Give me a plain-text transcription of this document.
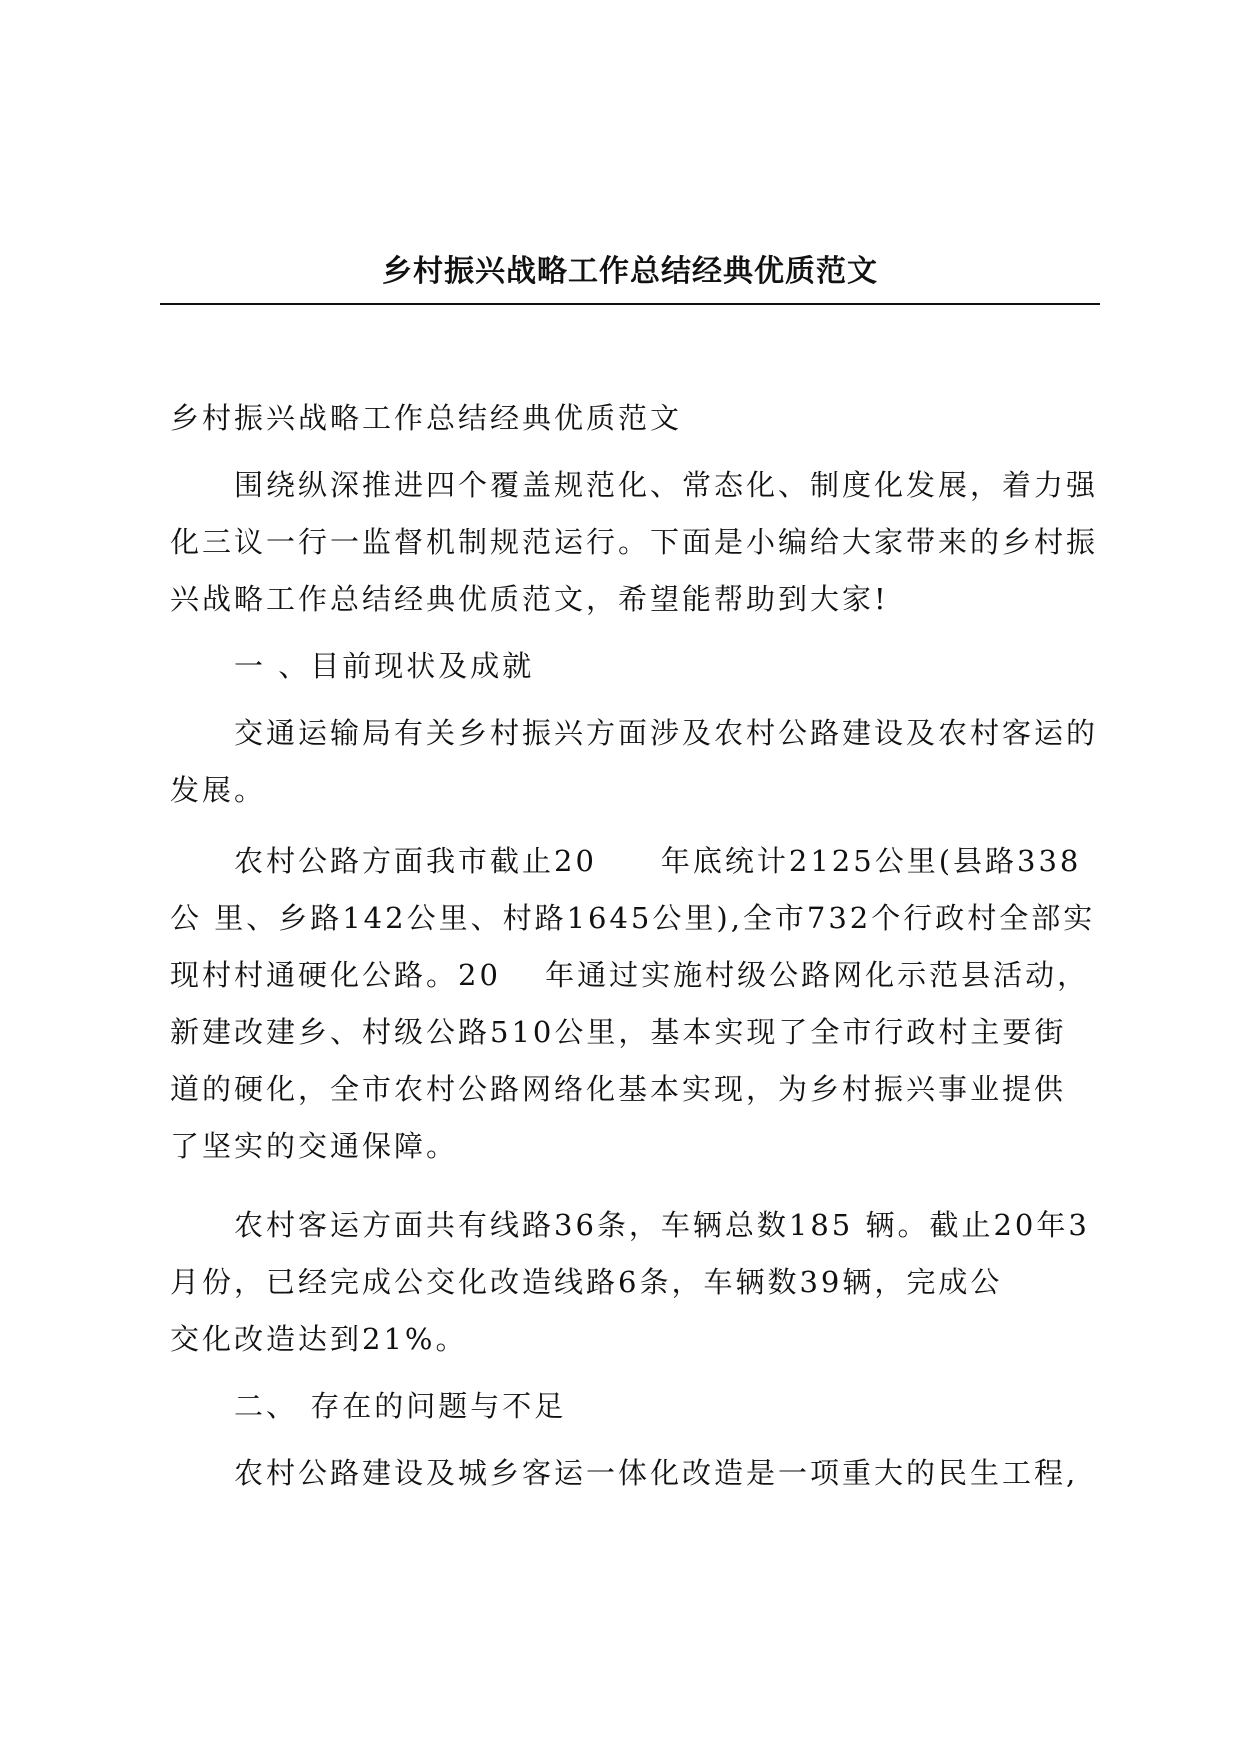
乡村振兴战略工作总结经典优质范文

乡村振兴战略工作总结经典优质范文

围绕纵深推进四个覆盖规范化、常态化、制度化发展，着力强化三议一行一监督机制规范运行。下面是小编给大家带来的乡村振兴战略工作总结经典优质范文，希望能帮助到大家!

一 、目前现状及成就

交通运输局有关乡村振兴方面涉及农村公路建设及农村客运的发展。

农村公路方面我市截止20　　年底统计2125公里(县路338公 里、乡路142公里、村路1645公里),全市732个行政村全部实 现村村通硬化公路。20　 年通过实施村级公路网化示范县活动， 新建改建乡、村级公路510公里，基本实现了全市行政村主要街 道的硬化，全市农村公路网络化基本实现，为乡村振兴事业提供

了坚实的交通保障。

农村客运方面共有线路36条，车辆总数185 辆。截止20年3月份，已经完成公交化改造线路6条，车辆数39辆，完成公

交化改造达到21%。

二、 存在的问题与不足

农村公路建设及城乡客运一体化改造是一项重大的民生工程,
